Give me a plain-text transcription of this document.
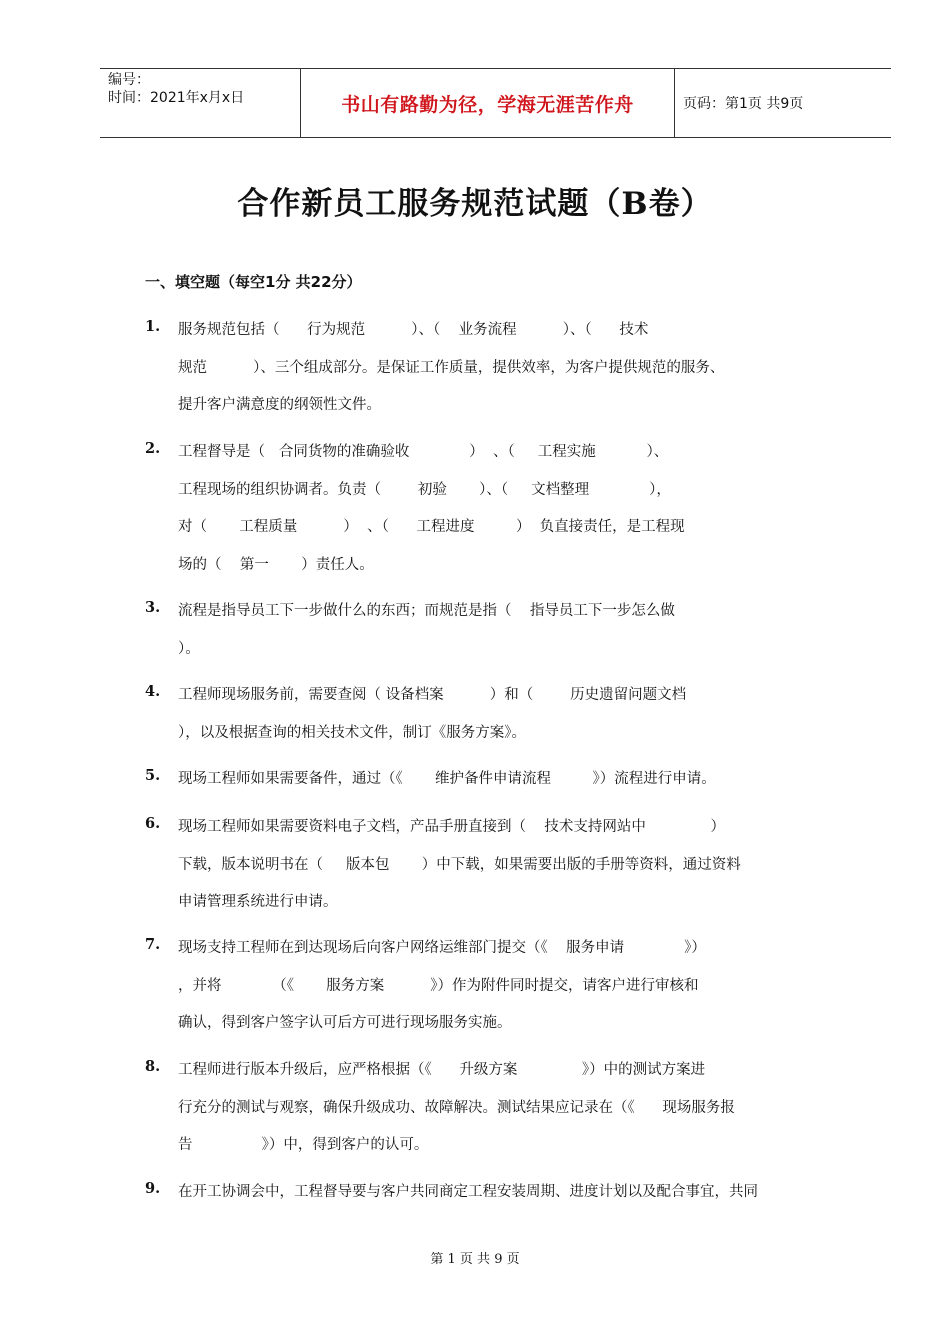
编号：
时间：2021年x月x日	书山有路勤为径，学海无涯苦作舟	页码：第1页 共9页
合作新员工服务规范试题（B卷）
一、填空题（每空1分 共22分）
1. 服务规范包括（      行为规范          ）、（    业务流程          ）、（      技术
规范          ）、三个组成部分。是保证工作质量，提供效率，为客户提供规范的服务、
提升客户满意度的纲领性文件。
2. 工程督导是（   合同货物的准确验收             ）  、（     工程实施           ）、
工程现场的组织协调者。负责（        初验       ）、（     文档整理             ），
对（       工程质量          ）  、（      工程进度         ）  负直接责任，是工程现
场的（    第一       ）责任人。
3. 流程是指导员工下一步做什么的东西；而规范是指（    指导员工下一步怎么做
）。
4. 工程师现场服务前，需要查阅（ 设备档案          ）和（        历史遗留问题文档
），以及根据查询的相关技术文件，制订《服务方案》。
5. 现场工程师如果需要备件，通过（《       维护备件申请流程         》）流程进行申请。
6. 现场工程师如果需要资料电子文档，产品手册直接到（    技术支持网站中              ）
下载，版本说明书在（     版本包       ）中下载，如果需要出版的手册等资料，通过资料
申请管理系统进行申请。
7. 现场支持工程师在到达现场后向客户网络运维部门提交（《    服务申请             》）
，并将           （《       服务方案          》）作为附件同时提交，请客户进行审核和
确认，得到客户签字认可后方可进行现场服务实施。
8. 工程师进行版本升级后，应严格根据（《      升级方案              》）中的测试方案进
行充分的测试与观察，确保升级成功、故障解决。测试结果应记录在（《      现场服务报
告               》）中，得到客户的认可。
9. 在开工协调会中，工程督导要与客户共同商定工程安装周期、进度计划以及配合事宜，共同
第 1 页 共 9 页
